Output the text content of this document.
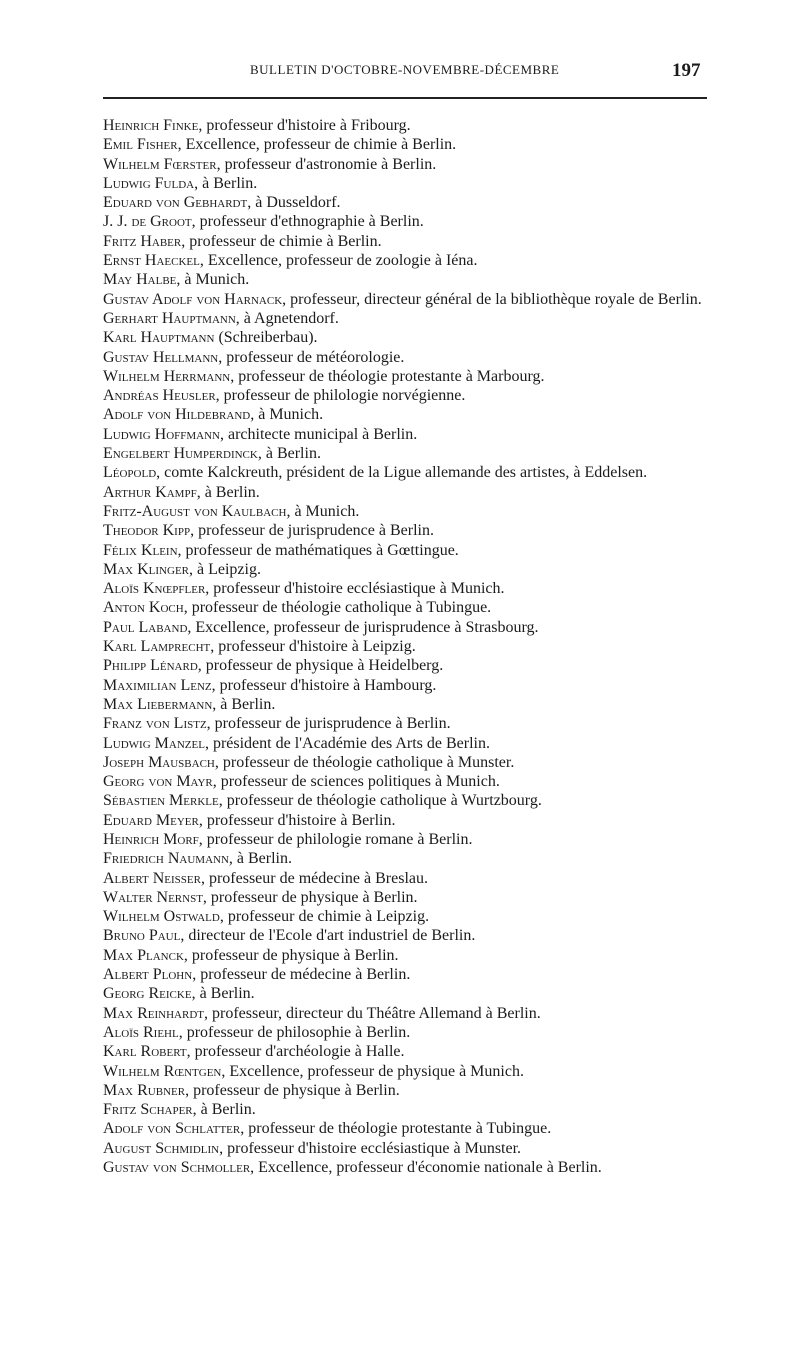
BULLETIN D'OCTOBRE-NOVEMBRE-DÉCEMBRE	197

Heinrich Finke, professeur d'histoire à Fribourg.

Emil Fisher, Excellence, professeur de chimie à Berlin.

Wilhelm Fœrster, professeur d'astronomie à Berlin.

Ludwig Fulda, à Berlin.

Eduard von Gebhardt, à Dusseldorf.

J. J. de Groot, professeur d'ethnographie à Berlin.

Fritz Haber, professeur de chimie à Berlin.

Ernst Haeckel, Excellence, professeur de zoologie à Iéna.

May Halbe, à Munich.

Gustav Adolf von Harnack, professeur, directeur général de la bibliothèque royale de Berlin.

Gerhart Hauptmann, à Agnetendorf.

Karl Hauptmann (Schreiberbau).

Gustav Hellmann, professeur de météorologie.

Wilhelm Herrmann, professeur de théologie protestante à Marbourg.

Andréas Heusler, professeur de philologie norvégienne.

Adolf von Hildebrand, à Munich.

Ludwig Hoffmann, architecte municipal à Berlin.

Engelbert Humperdinck, à Berlin.

Léopold, comte Kalckreuth, président de la Ligue allemande des artistes, à Eddelsen.

Arthur Kampf, à Berlin.

Fritz-August von Kaulbach, à Munich.

Theodor Kipp, professeur de jurisprudence à Berlin.

Félix Klein, professeur de mathématiques à Gœttingue.

Max Klinger, à Leipzig.

Aloïs Knœpfler, professeur d'histoire ecclésiastique à Munich.

Anton Koch, professeur de théologie catholique à Tubingue.

Paul Laband, Excellence, professeur de jurisprudence à Strasbourg.

Karl Lamprecht, professeur d'histoire à Leipzig.

Philipp Lénard, professeur de physique à Heidelberg.

Maximilian Lenz, professeur d'histoire à Hambourg.

Max Liebermann, à Berlin.

Franz von Listz, professeur de jurisprudence à Berlin.

Ludwig Manzel, président de l'Académie des Arts de Berlin.

Joseph Mausbach, professeur de théologie catholique à Munster.

Georg von Mayr, professeur de sciences politiques à Munich.

Sébastien Merkle, professeur de théologie catholique à Wurtzbourg.

Eduard Meyer, professeur d'histoire à Berlin.

Heinrich Morf, professeur de philologie romane à Berlin.

Friedrich Naumann, à Berlin.

Albert Neisser, professeur de médecine à Breslau.

Walter Nernst, professeur de physique à Berlin.

Wilhelm Ostwald, professeur de chimie à Leipzig.

Bruno Paul, directeur de l'Ecole d'art industriel de Berlin.

Max Planck, professeur de physique à Berlin.

Albert Plohn, professeur de médecine à Berlin.

Georg Reicke, à Berlin.

Max Reinhardt, professeur, directeur du Théâtre Allemand à Berlin.

Aloïs Riehl, professeur de philosophie à Berlin.

Karl Robert, professeur d'archéologie à Halle.

Wilhelm Rœntgen, Excellence, professeur de physique à Munich.

Max Rubner, professeur de physique à Berlin.

Fritz Schaper, à Berlin.

Adolf von Schlatter, professeur de théologie protestante à Tubingue.

August Schmidlin, professeur d'histoire ecclésiastique à Munster.

Gustav von Schmoller, Excellence, professeur d'économie nationale à Berlin.
